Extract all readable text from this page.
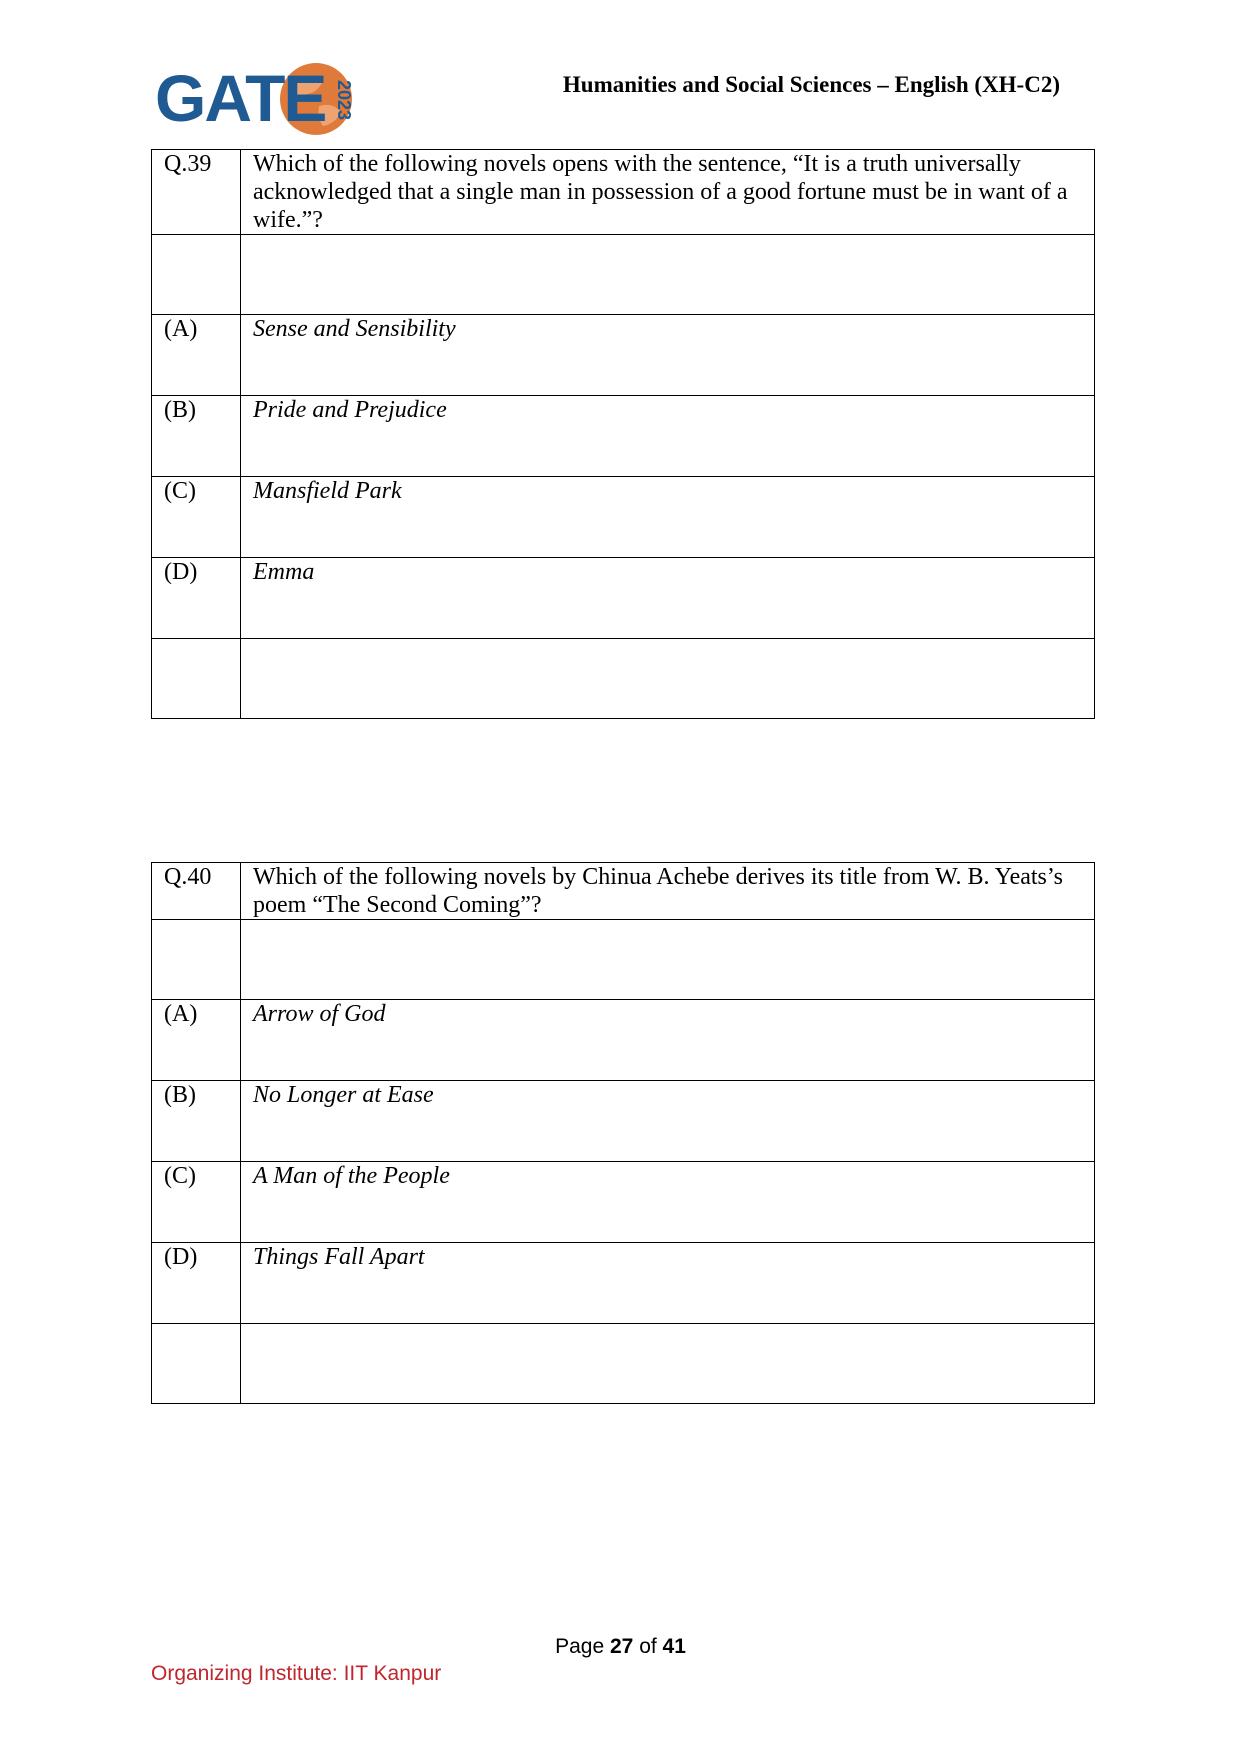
GATE 2023	Humanities and Social Sciences – English (XH-C2)
Q.39	Which of the following novels opens with the sentence, “It is a truth universally acknowledged that a single man in possession of a good fortune must be in want of a wife.”?

(A)	Sense and Sensibility
(B)	Pride and Prejudice
(C)	Mansfield Park
(D)	Emma

Q.40	Which of the following novels by Chinua Achebe derives its title from W. B. Yeats’s poem “The Second Coming”?

(A)	Arrow of God
(B)	No Longer at Ease
(C)	A Man of the People
(D)	Things Fall Apart

Page 27 of 41
Organizing Institute: IIT Kanpur
